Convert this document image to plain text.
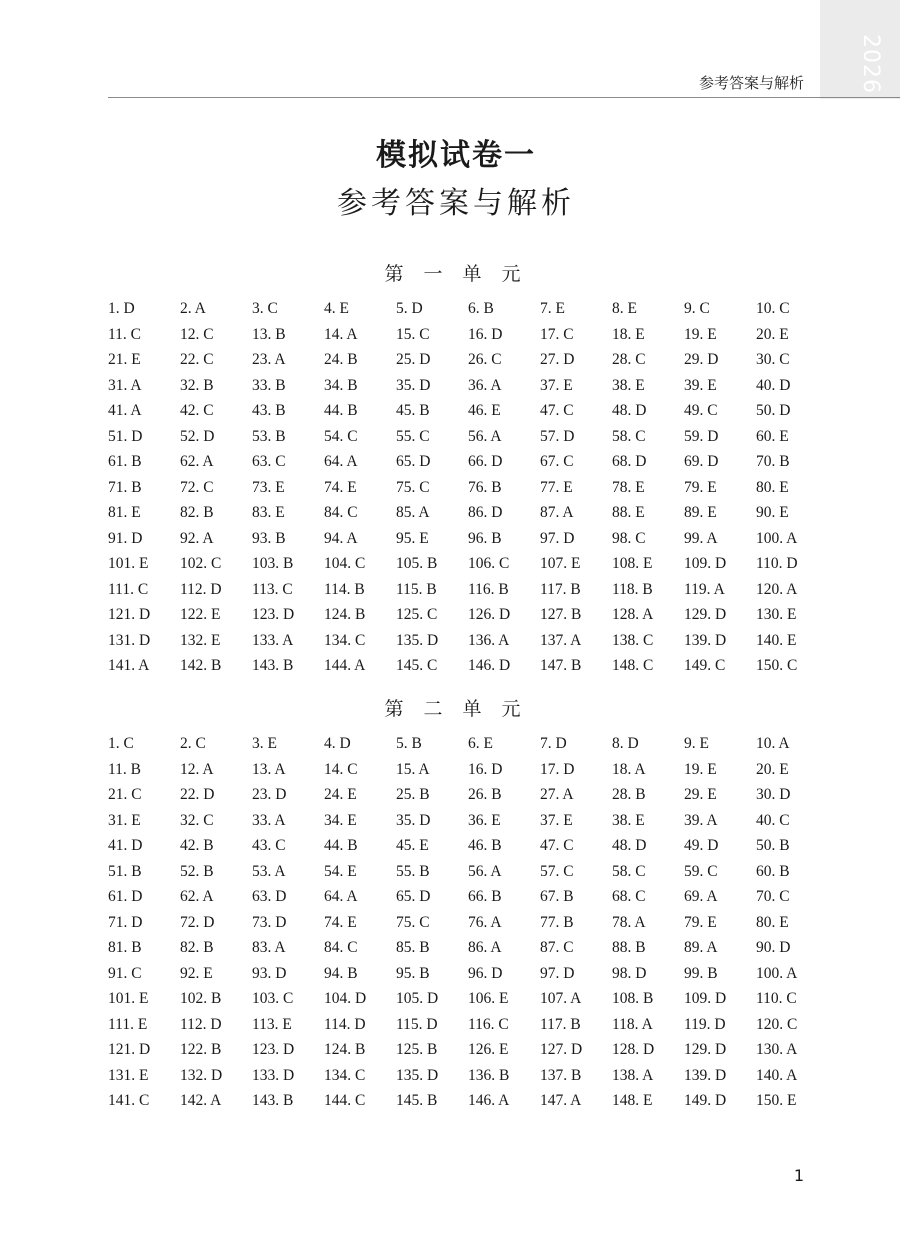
2026
参考答案与解析
模拟试卷一
参考答案与解析
第 一 单 元
1. D	2. A	3. C	4. E	5. D	6. B	7. E	8. E	9. C	10. C
11. C	12. C	13. B	14. A	15. C	16. D	17. C	18. E	19. E	20. E
21. E	22. C	23. A	24. B	25. D	26. C	27. D	28. C	29. D	30. C
31. A	32. B	33. B	34. B	35. D	36. A	37. E	38. E	39. E	40. D
41. A	42. C	43. B	44. B	45. B	46. E	47. C	48. D	49. C	50. D
51. D	52. D	53. B	54. C	55. C	56. A	57. D	58. C	59. D	60. E
61. B	62. A	63. C	64. A	65. D	66. D	67. C	68. D	69. D	70. B
71. B	72. C	73. E	74. E	75. C	76. B	77. E	78. E	79. E	80. E
81. E	82. B	83. E	84. C	85. A	86. D	87. A	88. E	89. E	90. E
91. D	92. A	93. B	94. A	95. E	96. B	97. D	98. C	99. A	100. A
101. E	102. C	103. B	104. C	105. B	106. C	107. E	108. E	109. D	110. D
111. C	112. D	113. C	114. B	115. B	116. B	117. B	118. B	119. A	120. A
121. D	122. E	123. D	124. B	125. C	126. D	127. B	128. A	129. D	130. E
131. D	132. E	133. A	134. C	135. D	136. A	137. A	138. C	139. D	140. E
141. A	142. B	143. B	144. A	145. C	146. D	147. B	148. C	149. C	150. C
第 二 单 元
1. C	2. C	3. E	4. D	5. B	6. E	7. D	8. D	9. E	10. A
11. B	12. A	13. A	14. C	15. A	16. D	17. D	18. A	19. E	20. E
21. C	22. D	23. D	24. E	25. B	26. B	27. A	28. B	29. E	30. D
31. E	32. C	33. A	34. E	35. D	36. E	37. E	38. E	39. A	40. C
41. D	42. B	43. C	44. B	45. E	46. B	47. C	48. D	49. D	50. B
51. B	52. B	53. A	54. E	55. B	56. A	57. C	58. C	59. C	60. B
61. D	62. A	63. D	64. A	65. D	66. B	67. B	68. C	69. A	70. C
71. D	72. D	73. D	74. E	75. C	76. A	77. B	78. A	79. E	80. E
81. B	82. B	83. A	84. C	85. B	86. A	87. C	88. B	89. A	90. D
91. C	92. E	93. D	94. B	95. B	96. D	97. D	98. D	99. B	100. A
101. E	102. B	103. C	104. D	105. D	106. E	107. A	108. B	109. D	110. C
111. E	112. D	113. E	114. D	115. D	116. C	117. B	118. A	119. D	120. C
121. D	122. B	123. D	124. B	125. B	126. E	127. D	128. D	129. D	130. A
131. E	132. D	133. D	134. C	135. D	136. B	137. B	138. A	139. D	140. A
141. C	142. A	143. B	144. C	145. B	146. A	147. A	148. E	149. D	150. E
1
